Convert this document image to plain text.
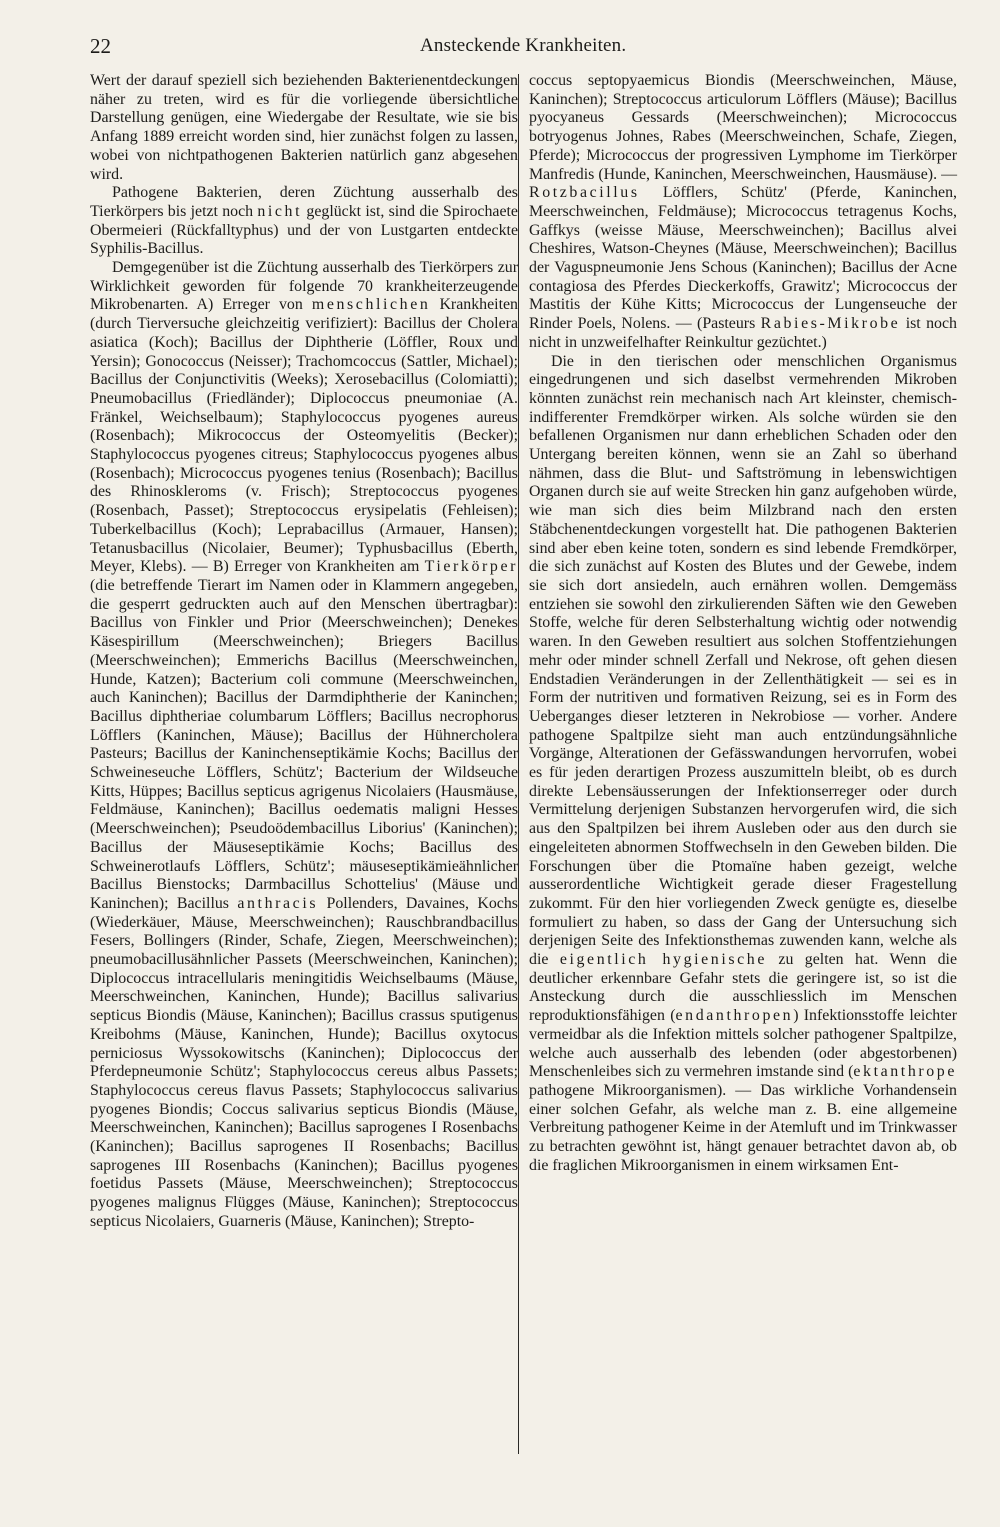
22	Ansteckende Krankheiten.

Wert der darauf speziell sich beziehenden Bakterienentdeckungen näher zu treten, wird es für die vorliegende übersichtliche Darstellung genügen, eine Wiedergabe der Resultate, wie sie bis Anfang 1889 erreicht worden sind, hier zunächst folgen zu lassen, wobei von nichtpathogenen Bakterien natürlich ganz abgesehen wird.

Pathogene Bakterien, deren Züchtung ausserhalb des Tierkörpers bis jetzt noch nicht geglückt ist, sind die Spirochaete Obermeieri (Rückfalltyphus) und der von Lustgarten entdeckte Syphilis-Bacillus.

Demgegenüber ist die Züchtung ausserhalb des Tierkörpers zur Wirklichkeit geworden für folgende 70 krankheiterzeugende Mikrobenarten. A) Erreger von menschlichen Krankheiten (durch Tierversuche gleichzeitig verifiziert): Bacillus der Cholera asiatica (Koch); Bacillus der Diphtherie (Löffler, Roux und Yersin); Gonococcus (Neisser); Trachomcoccus (Sattler, Michael); Bacillus der Conjunctivitis (Weeks); Xerosebacillus (Colomiatti); Pneumobacillus (Friedländer); Diplococcus pneumoniae (A. Fränkel, Weichselbaum); Staphylococcus pyogenes aureus (Rosenbach); Mikrococcus der Osteomyelitis (Becker); Staphylococcus pyogenes citreus; Staphylococcus pyogenes albus (Rosenbach); Micrococcus pyogenes tenius (Rosenbach); Bacillus des Rhinoskleroms (v. Frisch); Streptococcus pyogenes (Rosenbach, Passet); Streptococcus erysipelatis (Fehleisen); Tuberkelbacillus (Koch); Leprabacillus (Armauer, Hansen); Tetanusbacillus (Nicolaier, Beumer); Typhusbacillus (Eberth, Meyer, Klebs). — B) Erreger von Krankheiten am Tierkörper (die betreffende Tierart im Namen oder in Klammern angegeben, die gesperrt gedruckten auch auf den Menschen übertragbar): Bacillus von Finkler und Prior (Meerschweinchen); Denekes Käsespirillum (Meerschweinchen); Briegers Bacillus (Meerschweinchen); Emmerichs Bacillus (Meerschweinchen, Hunde, Katzen); Bacterium coli commune (Meerschweinchen, auch Kaninchen); Bacillus der Darmdiphtherie der Kaninchen; Bacillus diphtheriae columbarum Löfflers; Bacillus necrophorus Löfflers (Kaninchen, Mäuse); Bacillus der Hühnercholera Pasteurs; Bacillus der Kaninchenseptikämie Kochs; Bacillus der Schweineseuche Löfflers, Schütz'; Bacterium der Wildseuche Kitts, Hüppes; Bacillus septicus agrigenus Nicolaiers (Hausmäuse, Feldmäuse, Kaninchen); Bacillus oedematis maligni Hesses (Meerschweinchen); Pseudoödembacillus Liborius' (Kaninchen); Bacillus der Mäuseseptikämie Kochs; Bacillus des Schweinerotlaufs Löfflers, Schütz'; mäuseseptikämieähnlicher Bacillus Bienstocks; Darmbacillus Schottelius' (Mäuse und Kaninchen); Bacillus anthracis Pollenders, Davaines, Kochs (Wiederkäuer, Mäuse, Meerschweinchen); Rauschbrandbacillus Fesers, Bollingers (Rinder, Schafe, Ziegen, Meerschweinchen); pneumobacillusähnlicher Passets (Meerschweinchen, Kaninchen); Diplococcus intracellularis meningitidis Weichselbaums (Mäuse, Meerschweinchen, Kaninchen, Hunde); Bacillus salivarius septicus Biondis (Mäuse, Kaninchen); Bacillus crassus sputigenus Kreibohms (Mäuse, Kaninchen, Hunde); Bacillus oxytocus perniciosus Wyssokowitschs (Kaninchen); Diplococcus der Pferdepneumonie Schütz'; Staphylococcus cereus albus Passets; Staphylococcus cereus flavus Passets; Staphylococcus salivarius pyogenes Biondis; Coccus salivarius septicus Biondis (Mäuse, Meerschweinchen, Kaninchen); Bacillus saprogenes I Rosenbachs (Kaninchen); Bacillus saprogenes II Rosenbachs; Bacillus saprogenes III Rosenbachs (Kaninchen); Bacillus pyogenes foetidus Passets (Mäuse, Meerschweinchen); Streptococcus pyogenes malignus Flügges (Mäuse, Kaninchen); Streptococcus septicus Nicolaiers, Guarneris (Mäuse, Kaninchen); Strepto-

coccus septopyaemicus Biondis (Meerschweinchen, Mäuse, Kaninchen); Streptococcus articulorum Löfflers (Mäuse); Bacillus pyocyaneus Gessards (Meerschweinchen); Micrococcus botryogenus Johnes, Rabes (Meerschweinchen, Schafe, Ziegen, Pferde); Micrococcus der progressiven Lymphome im Tierkörper Manfredis (Hunde, Kaninchen, Meerschweinchen, Hausmäuse). — Rotzbacillus Löfflers, Schütz' (Pferde, Kaninchen, Meerschweinchen, Feldmäuse); Micrococcus tetragenus Kochs, Gaffkys (weisse Mäuse, Meerschweinchen); Bacillus alvei Cheshires, Watson-Cheynes (Mäuse, Meerschweinchen); Bacillus der Vaguspneumonie Jens Schous (Kaninchen); Bacillus der Acne contagiosa des Pferdes Dieckerkoffs, Grawitz'; Micrococcus der Mastitis der Kühe Kitts; Micrococcus der Lungenseuche der Rinder Poels, Nolens. — (Pasteurs Rabies-Mikrobe ist noch nicht in unzweifelhafter Reinkultur gezüchtet.)

Die in den tierischen oder menschlichen Organismus eingedrungenen und sich daselbst vermehrenden Mikroben könnten zunächst rein mechanisch nach Art kleinster, chemisch-indifferenter Fremdkörper wirken. Als solche würden sie den befallenen Organismen nur dann erheblichen Schaden oder den Untergang bereiten können, wenn sie an Zahl so überhand nähmen, dass die Blut- und Saftströmung in lebenswichtigen Organen durch sie auf weite Strecken hin ganz aufgehoben würde, wie man sich dies beim Milzbrand nach den ersten Stäbchenentdeckungen vorgestellt hat. Die pathogenen Bakterien sind aber eben keine toten, sondern es sind lebende Fremdkörper, die sich zunächst auf Kosten des Blutes und der Gewebe, indem sie sich dort ansiedeln, auch ernähren wollen. Demgemäss entziehen sie sowohl den zirkulierenden Säften wie den Geweben Stoffe, welche für deren Selbsterhaltung wichtig oder notwendig waren. In den Geweben resultiert aus solchen Stoffentziehungen mehr oder minder schnell Zerfall und Nekrose, oft gehen diesen Endstadien Veränderungen in der Zellenthätigkeit — sei es in Form der nutritiven und formativen Reizung, sei es in Form des Ueberganges dieser letzteren in Nekrobiose — vorher. Andere pathogene Spaltpilze sieht man auch entzündungsähnliche Vorgänge, Alterationen der Gefässwandungen hervorrufen, wobei es für jeden derartigen Prozess auszumitteln bleibt, ob es durch direkte Lebensäusserungen der Infektionserreger oder durch Vermittelung derjenigen Substanzen hervorgerufen wird, die sich aus den Spaltpilzen bei ihrem Ausleben oder aus den durch sie eingeleiteten abnormen Stoffwechseln in den Geweben bilden. Die Forschungen über die Ptomaïne haben gezeigt, welche ausserordentliche Wichtigkeit gerade dieser Fragestellung zukommt. Für den hier vorliegenden Zweck genügte es, dieselbe formuliert zu haben, so dass der Gang der Untersuchung sich derjenigen Seite des Infektionsthemas zuwenden kann, welche als die eigentlich hygienische zu gelten hat. Wenn die deutlicher erkennbare Gefahr stets die geringere ist, so ist die Ansteckung durch die ausschliesslich im Menschen reproduktionsfähigen (endanthropen) Infektionsstoffe leichter vermeidbar als die Infektion mittels solcher pathogener Spaltpilze, welche auch ausserhalb des lebenden (oder abgestorbenen) Menschenleibes sich zu vermehren imstande sind (ektanthrope pathogene Mikroorganismen). — Das wirkliche Vorhandensein einer solchen Gefahr, als welche man z. B. eine allgemeine Verbreitung pathogener Keime in der Atemluft und im Trinkwasser zu betrachten gewöhnt ist, hängt genauer betrachtet davon ab, ob die fraglichen Mikroorganismen in einem wirksamen Ent-
